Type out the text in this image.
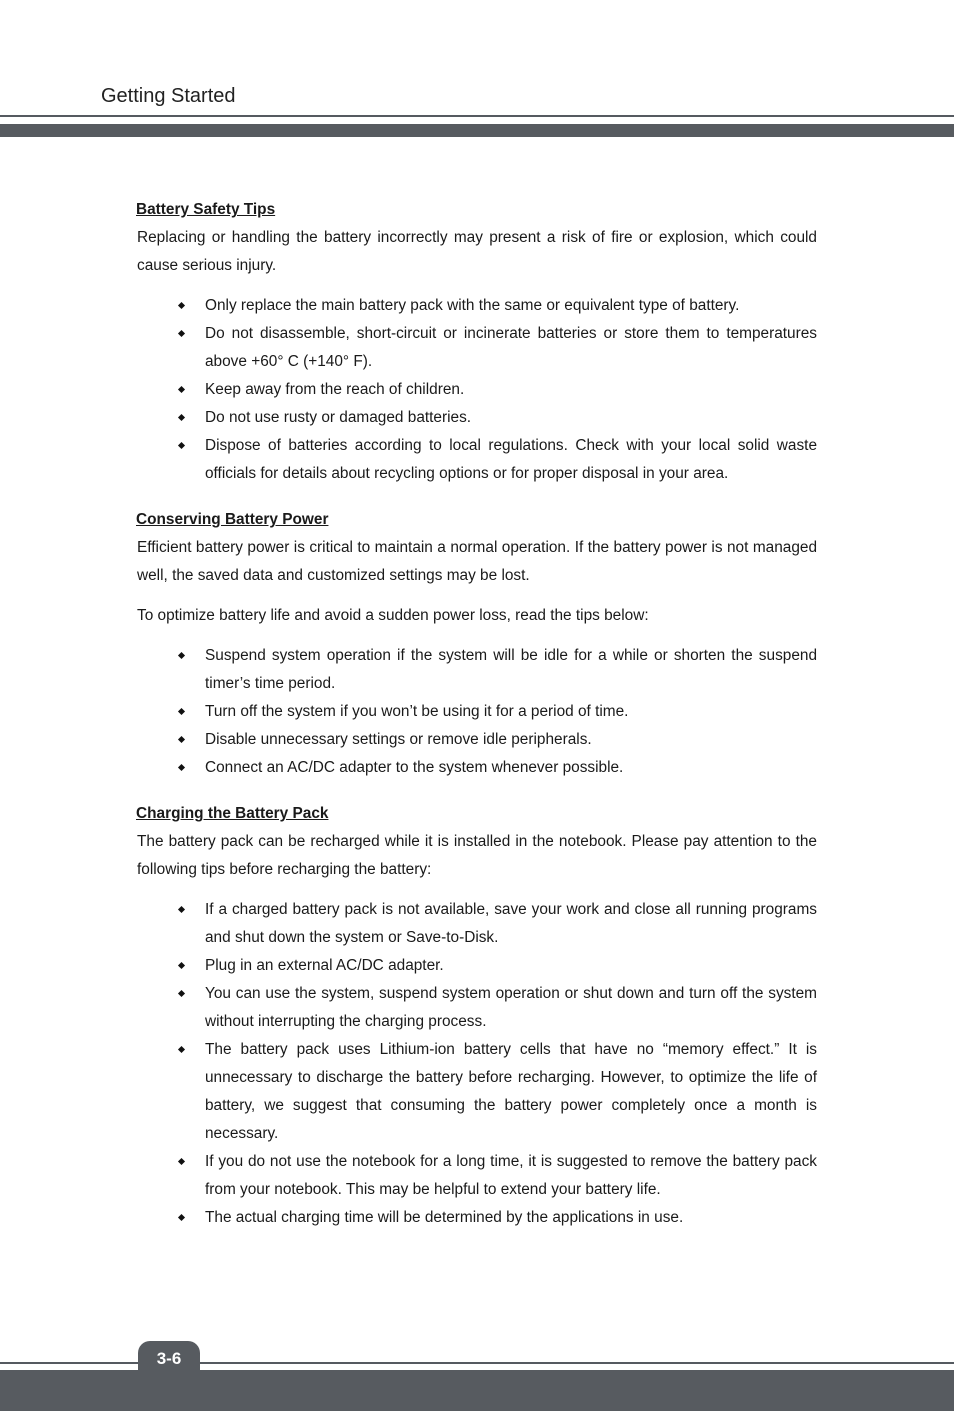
Getting Started
Battery Safety Tips

Replacing or handling the battery incorrectly may present a risk of fire or explosion, which could cause serious injury.

Only replace the main battery pack with the same or equivalent type of battery.
Do not disassemble, short-circuit or incinerate batteries or store them to temperatures above +60° C (+140° F).
Keep away from the reach of children.
Do not use rusty or damaged batteries.
Dispose of batteries according to local regulations. Check with your local solid waste officials for details about recycling options or for proper disposal in your area.
Conserving Battery Power

Efficient battery power is critical to maintain a normal operation. If the battery power is not managed well, the saved data and customized settings may be lost.

To optimize battery life and avoid a sudden power loss, read the tips below:

Suspend system operation if the system will be idle for a while or shorten the suspend timer’s time period.
Turn off the system if you won’t be using it for a period of time.
Disable unnecessary settings or remove idle peripherals.
Connect an AC/DC adapter to the system whenever possible.
Charging the Battery Pack

The battery pack can be recharged while it is installed in the notebook. Please pay attention to the following tips before recharging the battery:

If a charged battery pack is not available, save your work and close all running programs and shut down the system or Save-to-Disk.
Plug in an external AC/DC adapter.
You can use the system, suspend system operation or shut down and turn off the system without interrupting the charging process.
The battery pack uses Lithium-ion battery cells that have no “memory effect.” It is unnecessary to discharge the battery before recharging. However, to optimize the life of battery, we suggest that consuming the battery power completely once a month is necessary.
If you do not use the notebook for a long time, it is suggested to remove the battery pack from your notebook. This may be helpful to extend your battery life.
The actual charging time will be determined by the applications in use.
3-6
